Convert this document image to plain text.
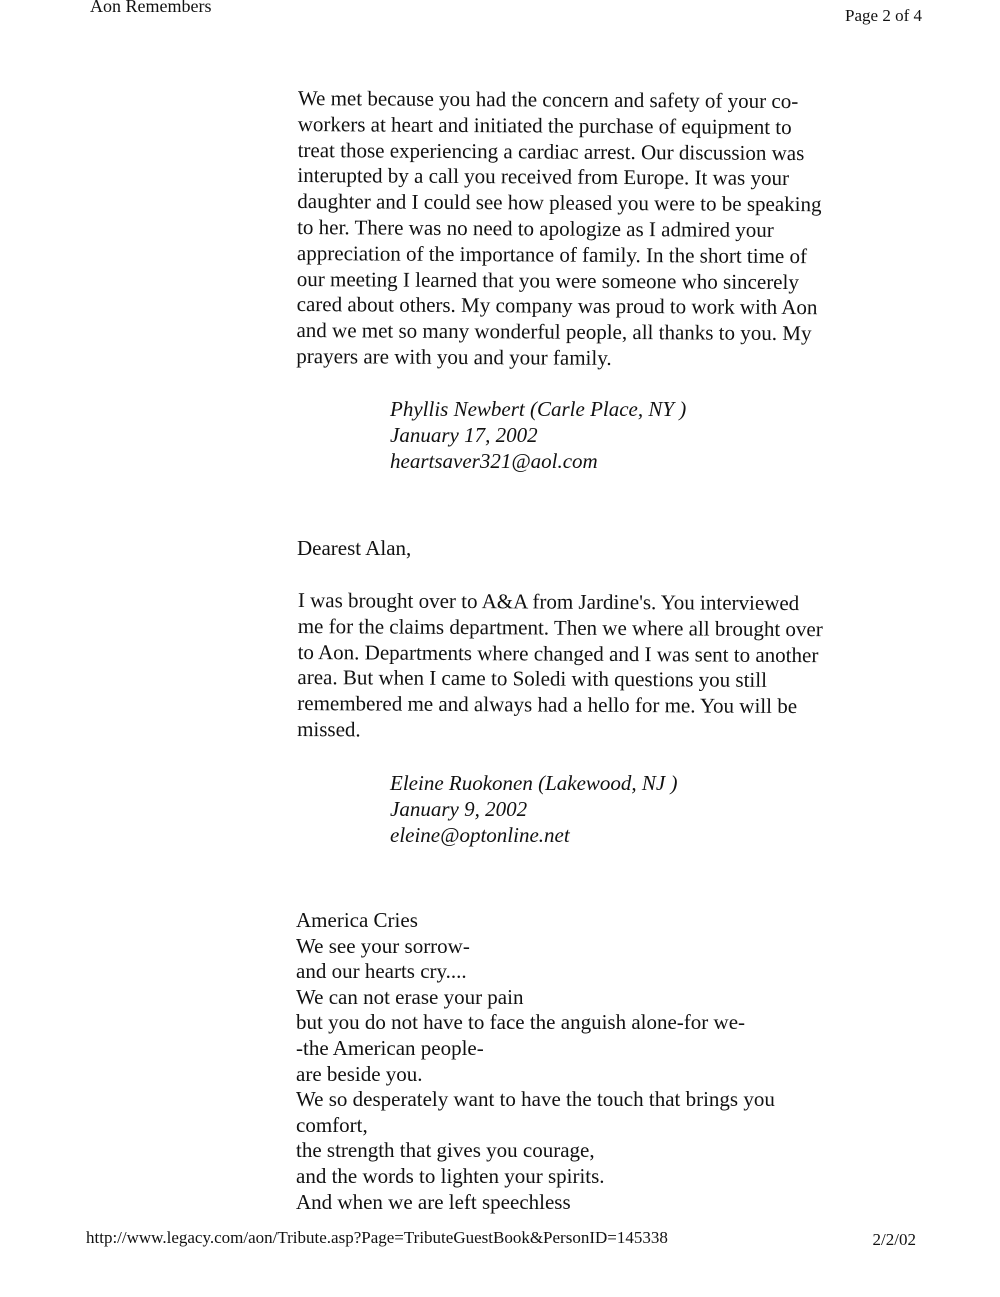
Aon Remembers	Page 2 of 4
We met because you had the concern and safety of your co-
workers at heart and initiated the purchase of equipment to
treat those experiencing a cardiac arrest. Our discussion was
interupted by a call you received from Europe. It was your
daughter and I could see how pleased you were to be speaking
to her. There was no need to apologize as I admired your
appreciation of the importance of family. In the short time of
our meeting I learned that you were someone who sincerely
cared about others. My company was proud to work with Aon
and we met so many wonderful people, all thanks to you. My
prayers are with you and your family.
Phyllis Newbert (Carle Place, NY )
January 17, 2002
heartsaver321@aol.com
Dearest Alan,
I was brought over to A&A from Jardine's. You interviewed
me for the claims department. Then we where all brought over
to Aon. Departments where changed and I was sent to another
area. But when I came to Soledi with questions you still
remembered me and always had a hello for me. You will be
missed.
Eleine Ruokonen (Lakewood, NJ )
January 9, 2002
eleine@optonline.net
America Cries
We see your sorrow-
and our hearts cry....
We can not erase your pain
but you do not have to face the anguish alone-for we-
-the American people-
are beside you.
We so desperately want to have the touch that brings you
comfort,
the strength that gives you courage,
and the words to lighten your spirits.
And when we are left speechless
http://www.legacy.com/aon/Tribute.asp?Page=TributeGuestBook&PersonID=145338	2/2/02
